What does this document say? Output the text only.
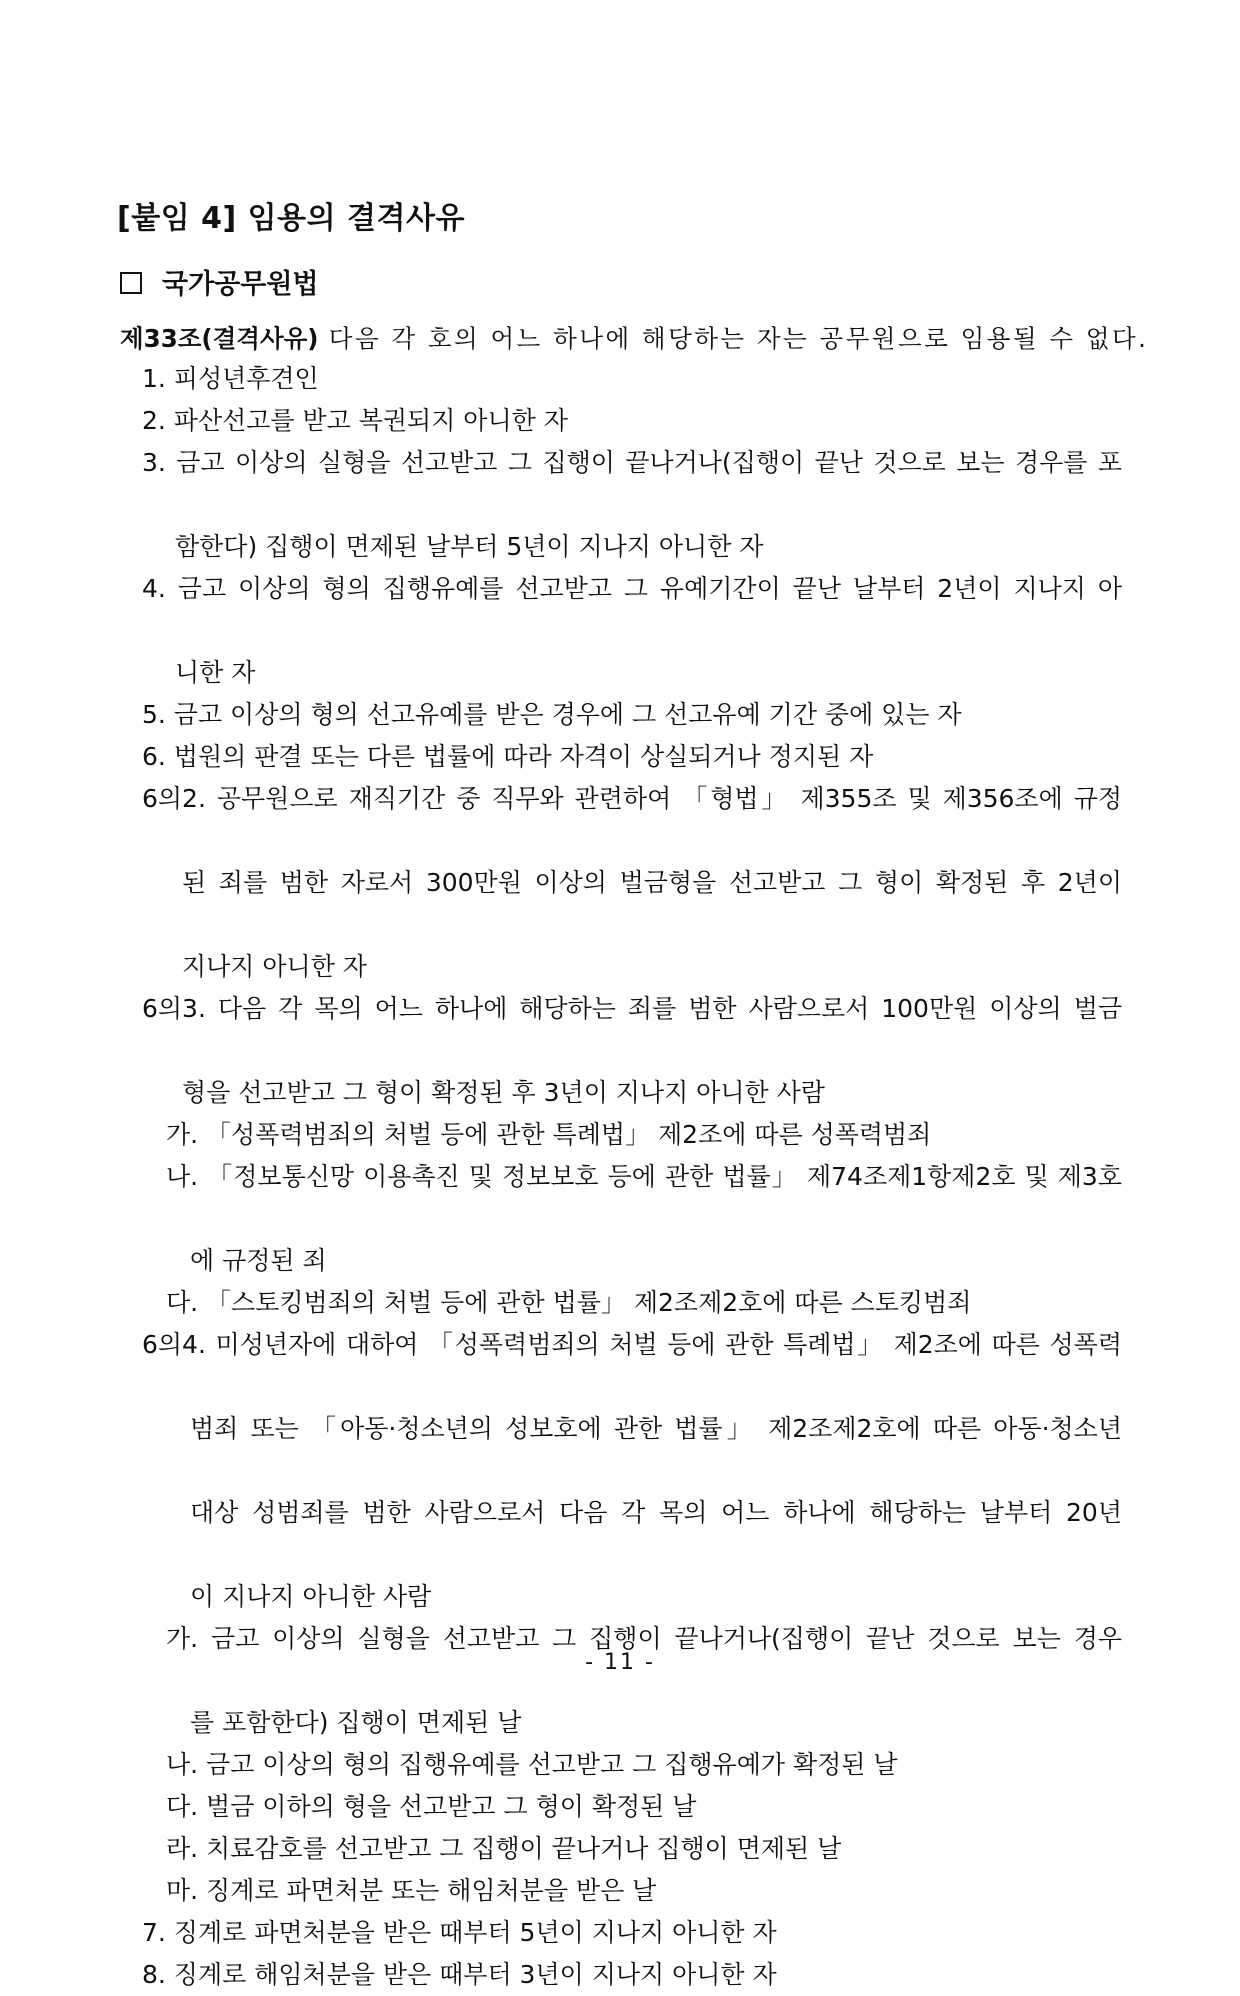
[붙임 4] 임용의 결격사유
국가공무원법
제33조(결격사유) 다음 각 호의 어느 하나에 해당하는 자는 공무원으로 임용될 수 없다.
1. 피성년후견인
2. 파산선고를 받고 복권되지 아니한 자
3. 금고 이상의 실형을 선고받고 그 집행이 끝나거나(집행이 끝난 것으로 보는 경우를 포
함한다) 집행이 면제된 날부터 5년이 지나지 아니한 자
4. 금고 이상의 형의 집행유예를 선고받고 그 유예기간이 끝난 날부터 2년이 지나지 아
니한 자
5. 금고 이상의 형의 선고유예를 받은 경우에 그 선고유예 기간 중에 있는 자
6. 법원의 판결 또는 다른 법률에 따라 자격이 상실되거나 정지된 자
6의2. 공무원으로 재직기간 중 직무와 관련하여 「형법」 제355조 및 제356조에 규정
된 죄를 범한 자로서 300만원 이상의 벌금형을 선고받고 그 형이 확정된 후 2년이
지나지 아니한 자
6의3. 다음 각 목의 어느 하나에 해당하는 죄를 범한 사람으로서 100만원 이상의 벌금
형을 선고받고 그 형이 확정된 후 3년이 지나지 아니한 사람
가. 「성폭력범죄의 처벌 등에 관한 특례법」 제2조에 따른 성폭력범죄
나. 「정보통신망 이용촉진 및 정보보호 등에 관한 법률」 제74조제1항제2호 및 제3호
에 규정된 죄
다. 「스토킹범죄의 처벌 등에 관한 법률」 제2조제2호에 따른 스토킹범죄
6의4. 미성년자에 대하여 「성폭력범죄의 처벌 등에 관한 특례법」 제2조에 따른 성폭력
범죄 또는 「아동·청소년의 성보호에 관한 법률」 제2조제2호에 따른 아동·청소년
대상 성범죄를 범한 사람으로서 다음 각 목의 어느 하나에 해당하는 날부터 20년
이 지나지 아니한 사람
가. 금고 이상의 실형을 선고받고 그 집행이 끝나거나(집행이 끝난 것으로 보는 경우
를 포함한다) 집행이 면제된 날
나. 금고 이상의 형의 집행유예를 선고받고 그 집행유예가 확정된 날
다. 벌금 이하의 형을 선고받고 그 형이 확정된 날
라. 치료감호를 선고받고 그 집행이 끝나거나 집행이 면제된 날
마. 징계로 파면처분 또는 해임처분을 받은 날
7. 징계로 파면처분을 받은 때부터 5년이 지나지 아니한 자
8. 징계로 해임처분을 받은 때부터 3년이 지나지 아니한 자
- 11 -
